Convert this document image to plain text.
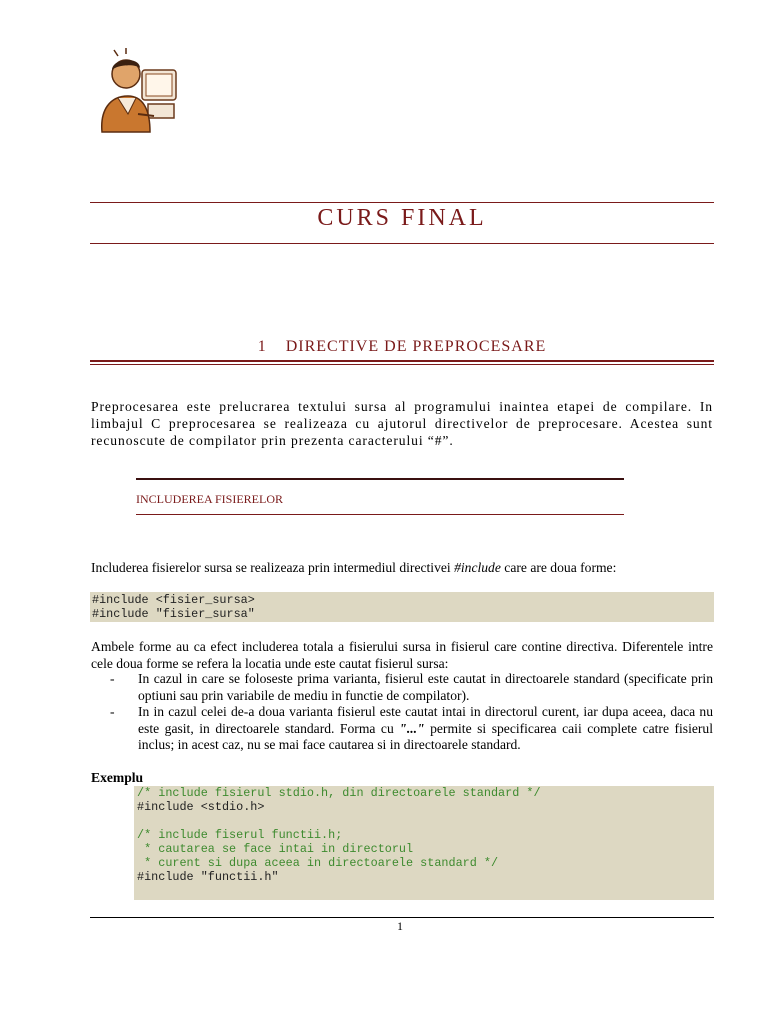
CURS FINAL
1 DIRECTIVE DE PREPROCESARE
Preprocesarea este prelucrarea textului sursa al programului inaintea etapei de compilare. In limbajul C preprocesarea se realizeaza cu ajutorul directivelor de preprocesare. Acestea sunt recunoscute de compilator prin prezenta caracterului “#”.
INCLUDEREA FISIERELOR
Includerea fisierelor sursa se realizeaza prin intermediul directivei #include care are doua forme:
#include <fisier_sursa>
#include "fisier_sursa"
Ambele forme au ca efect includerea totala a fisierului sursa in fisierul care contine directiva. Diferentele intre cele doua forme se refera la locatia unde este cautat fisierul sursa:
- In cazul in care se foloseste prima varianta, fisierul este cautat in directoarele standard (specificate prin optiuni sau prin variabile de mediu in functie de compilator).
- In in cazul celei de-a doua varianta fisierul este cautat intai in directorul curent, iar dupa aceea, daca nu este gasit, in directoarele standard. Forma cu "..." permite si specificarea caii complete catre fisierul inclus; in acest caz, nu se mai face cautarea si in directoarele standard.
Exemplu
/* include fisierul stdio.h, din directoarele standard */
#include <stdio.h>
/* include fiserul functii.h;
* cautarea se face intai in directorul
* curent si dupa aceea in directoarele standard */
#include "functii.h"
1
